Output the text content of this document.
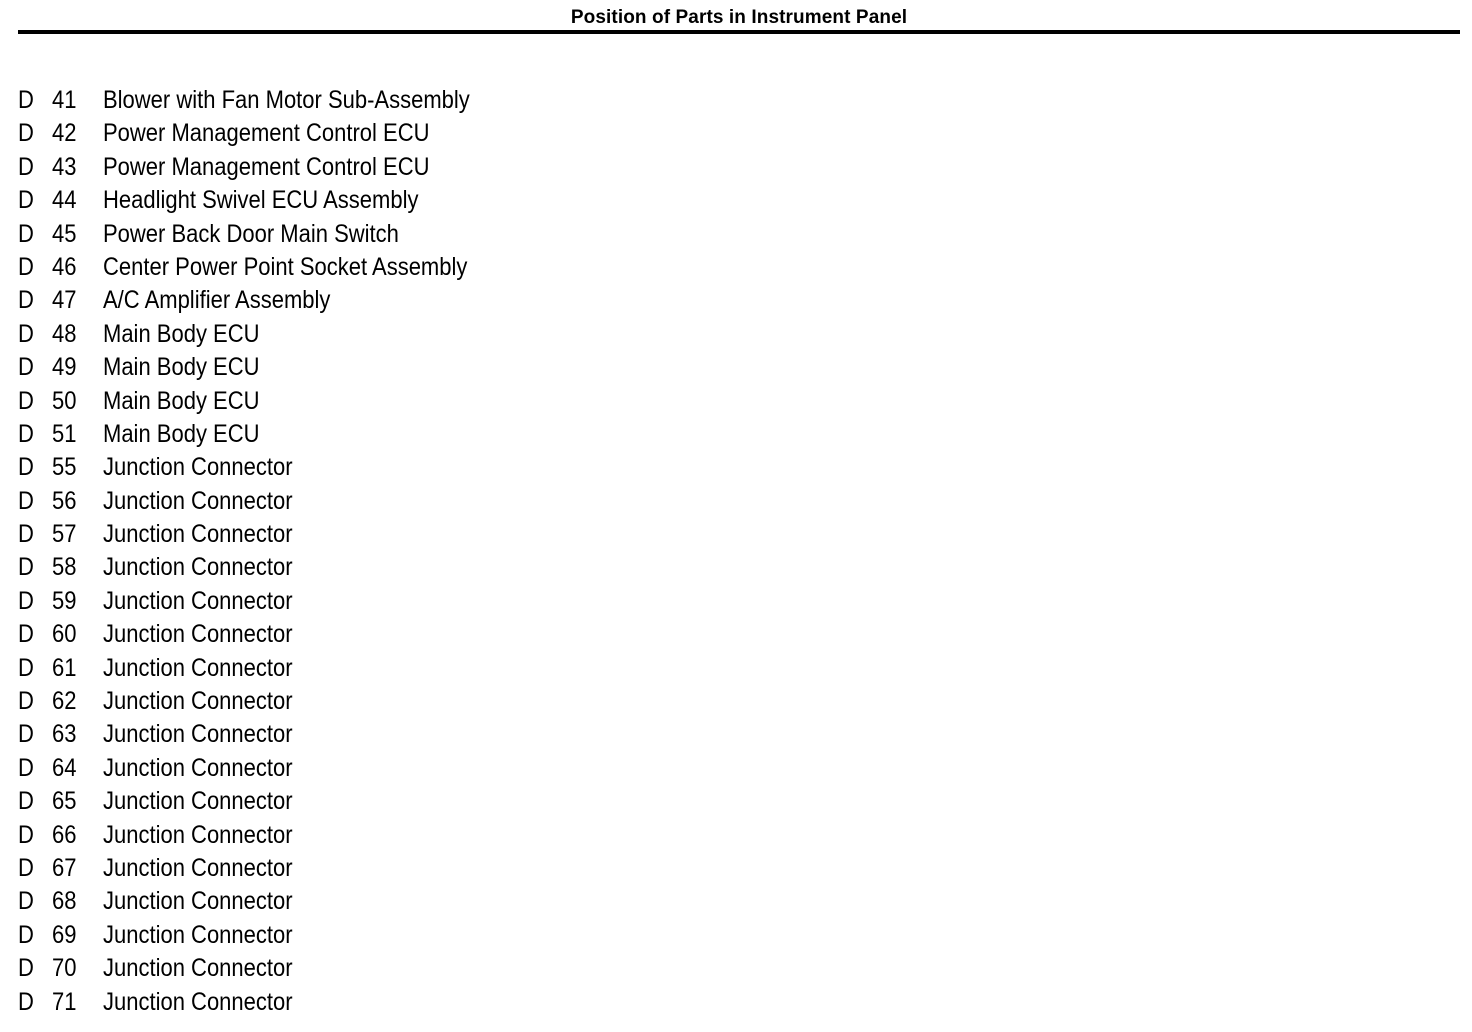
Position of Parts in Instrument Panel
D 41 Blower with Fan Motor Sub-Assembly
D 42 Power Management Control ECU
D 43 Power Management Control ECU
D 44 Headlight Swivel ECU Assembly
D 45 Power Back Door Main Switch
D 46 Center Power Point Socket Assembly
D 47 A/C Amplifier Assembly
D 48 Main Body ECU
D 49 Main Body ECU
D 50 Main Body ECU
D 51 Main Body ECU
D 55 Junction Connector
D 56 Junction Connector
D 57 Junction Connector
D 58 Junction Connector
D 59 Junction Connector
D 60 Junction Connector
D 61 Junction Connector
D 62 Junction Connector
D 63 Junction Connector
D 64 Junction Connector
D 65 Junction Connector
D 66 Junction Connector
D 67 Junction Connector
D 68 Junction Connector
D 69 Junction Connector
D 70 Junction Connector
D 71 Junction Connector
